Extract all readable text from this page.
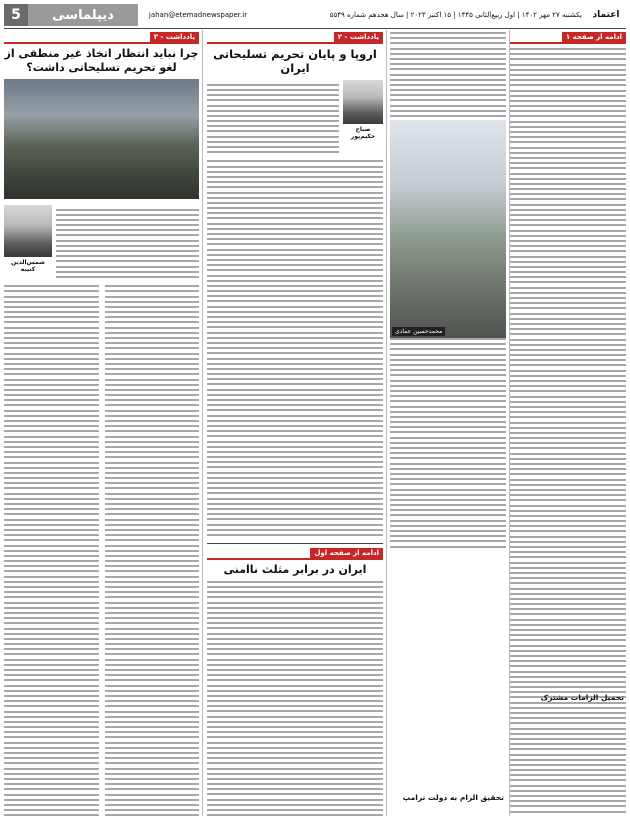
اعتماد
یکشنبه ۲۷ مهر ۱۴۰۲ | اول ربیع‌الثانی ۱۴۴۵ | ۱۵ اکتبر ۲۰۲۳ | سال هجدهم شماره ۵۵۴۹
jahan@etemadnewspaper.ir
دیپلماسی
5
ادامه از صفحه ۱
محمدحسین عمادی
تحمیل الزامات مشترک
تحقیق الزام به دولت ترامپ
یادداشت - ۲
اروپا و پایان تحریم تسلیحاتی ایران
صباح حکیم‌پور
ادامه از صفحه اول
ایران در برابر مثلث ناامنی
یادداشت - ۳
چرا نباید انتظار اتخاذ غیر منطقی از لغو تحریم تسلیحاتی داشت؟
شمس‌الدین کتیبه
